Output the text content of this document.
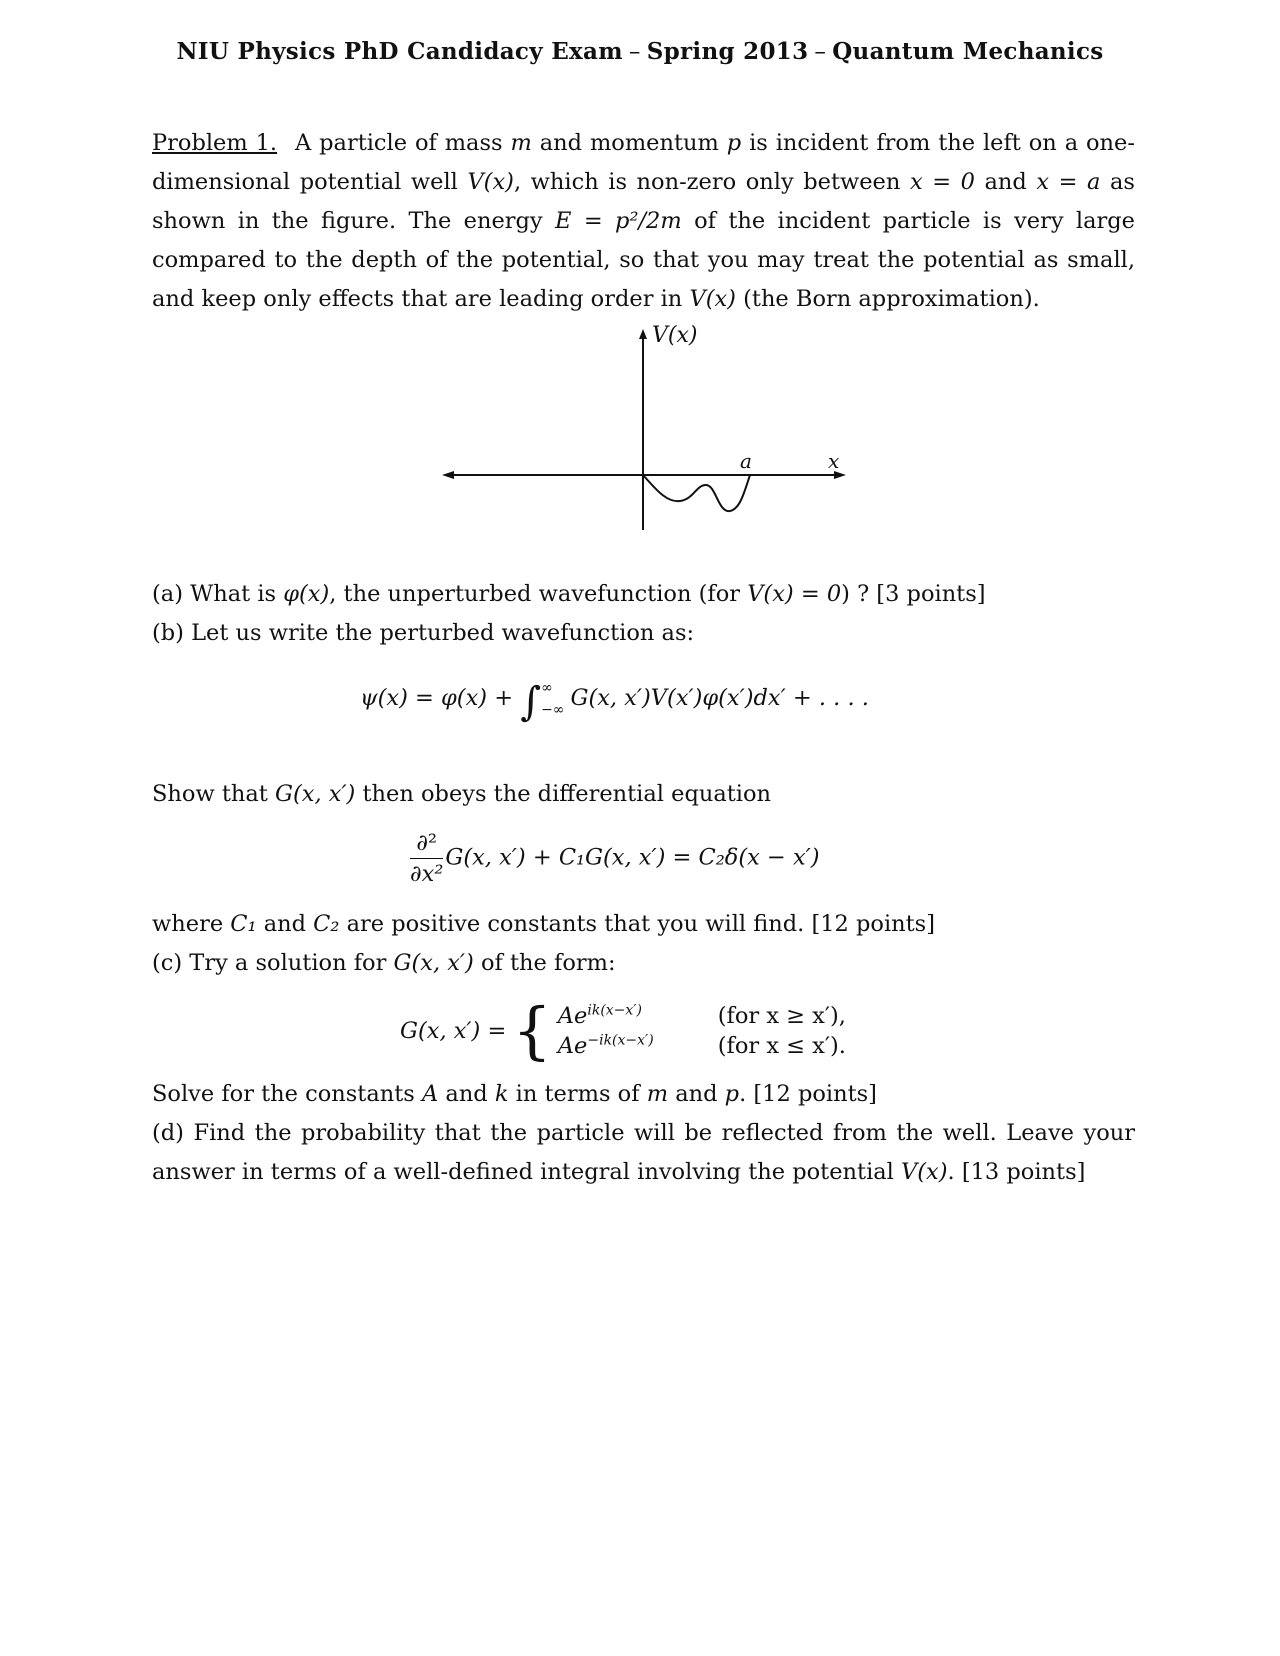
NIU Physics PhD Candidacy Exam – Spring 2013 – Quantum Mechanics

Problem 1. A particle of mass m and momentum p is incident from the left on a one-dimensional potential well V(x), which is non-zero only between x = 0 and x = a as shown in the figure. The energy E = p²/2m of the incident particle is very large compared to the depth of the potential, so that you may treat the potential as small, and keep only effects that are leading order in V(x) (the Born approximation).

V(x)
a	x

(a) What is φ(x), the unperturbed wavefunction (for V(x) = 0) ? [3 points]

(b) Let us write the perturbed wavefunction as:

ψ(x) = φ(x) + ∫ ∞
−∞ G(x, x′)V(x′)φ(x′)dx′ + . . . .

Show that G(x, x′) then obeys the differential equation

$\frac{\text{∂²}}{\text{∂x²}} G(x$, x′) + C₁G(x, x′) = C₂δ(x − x′)

where C₁ and C₂ are positive constants that you will find. [12 points]

(c) Try a solution for G(x, x′) of the form:

G(x, x′) ={ $Ae^{ik(x-x')}$	(for x ≥ x′),
$Ae^{-ik(x-x')}$	(for x ≤ x′).

Solve for the constants A and k in terms of m and p. [12 points]

(d) Find the probability that the particle will be reflected from the well. Leave your answer in terms of a well-defined integral involving the potential V(x). [13 points]
